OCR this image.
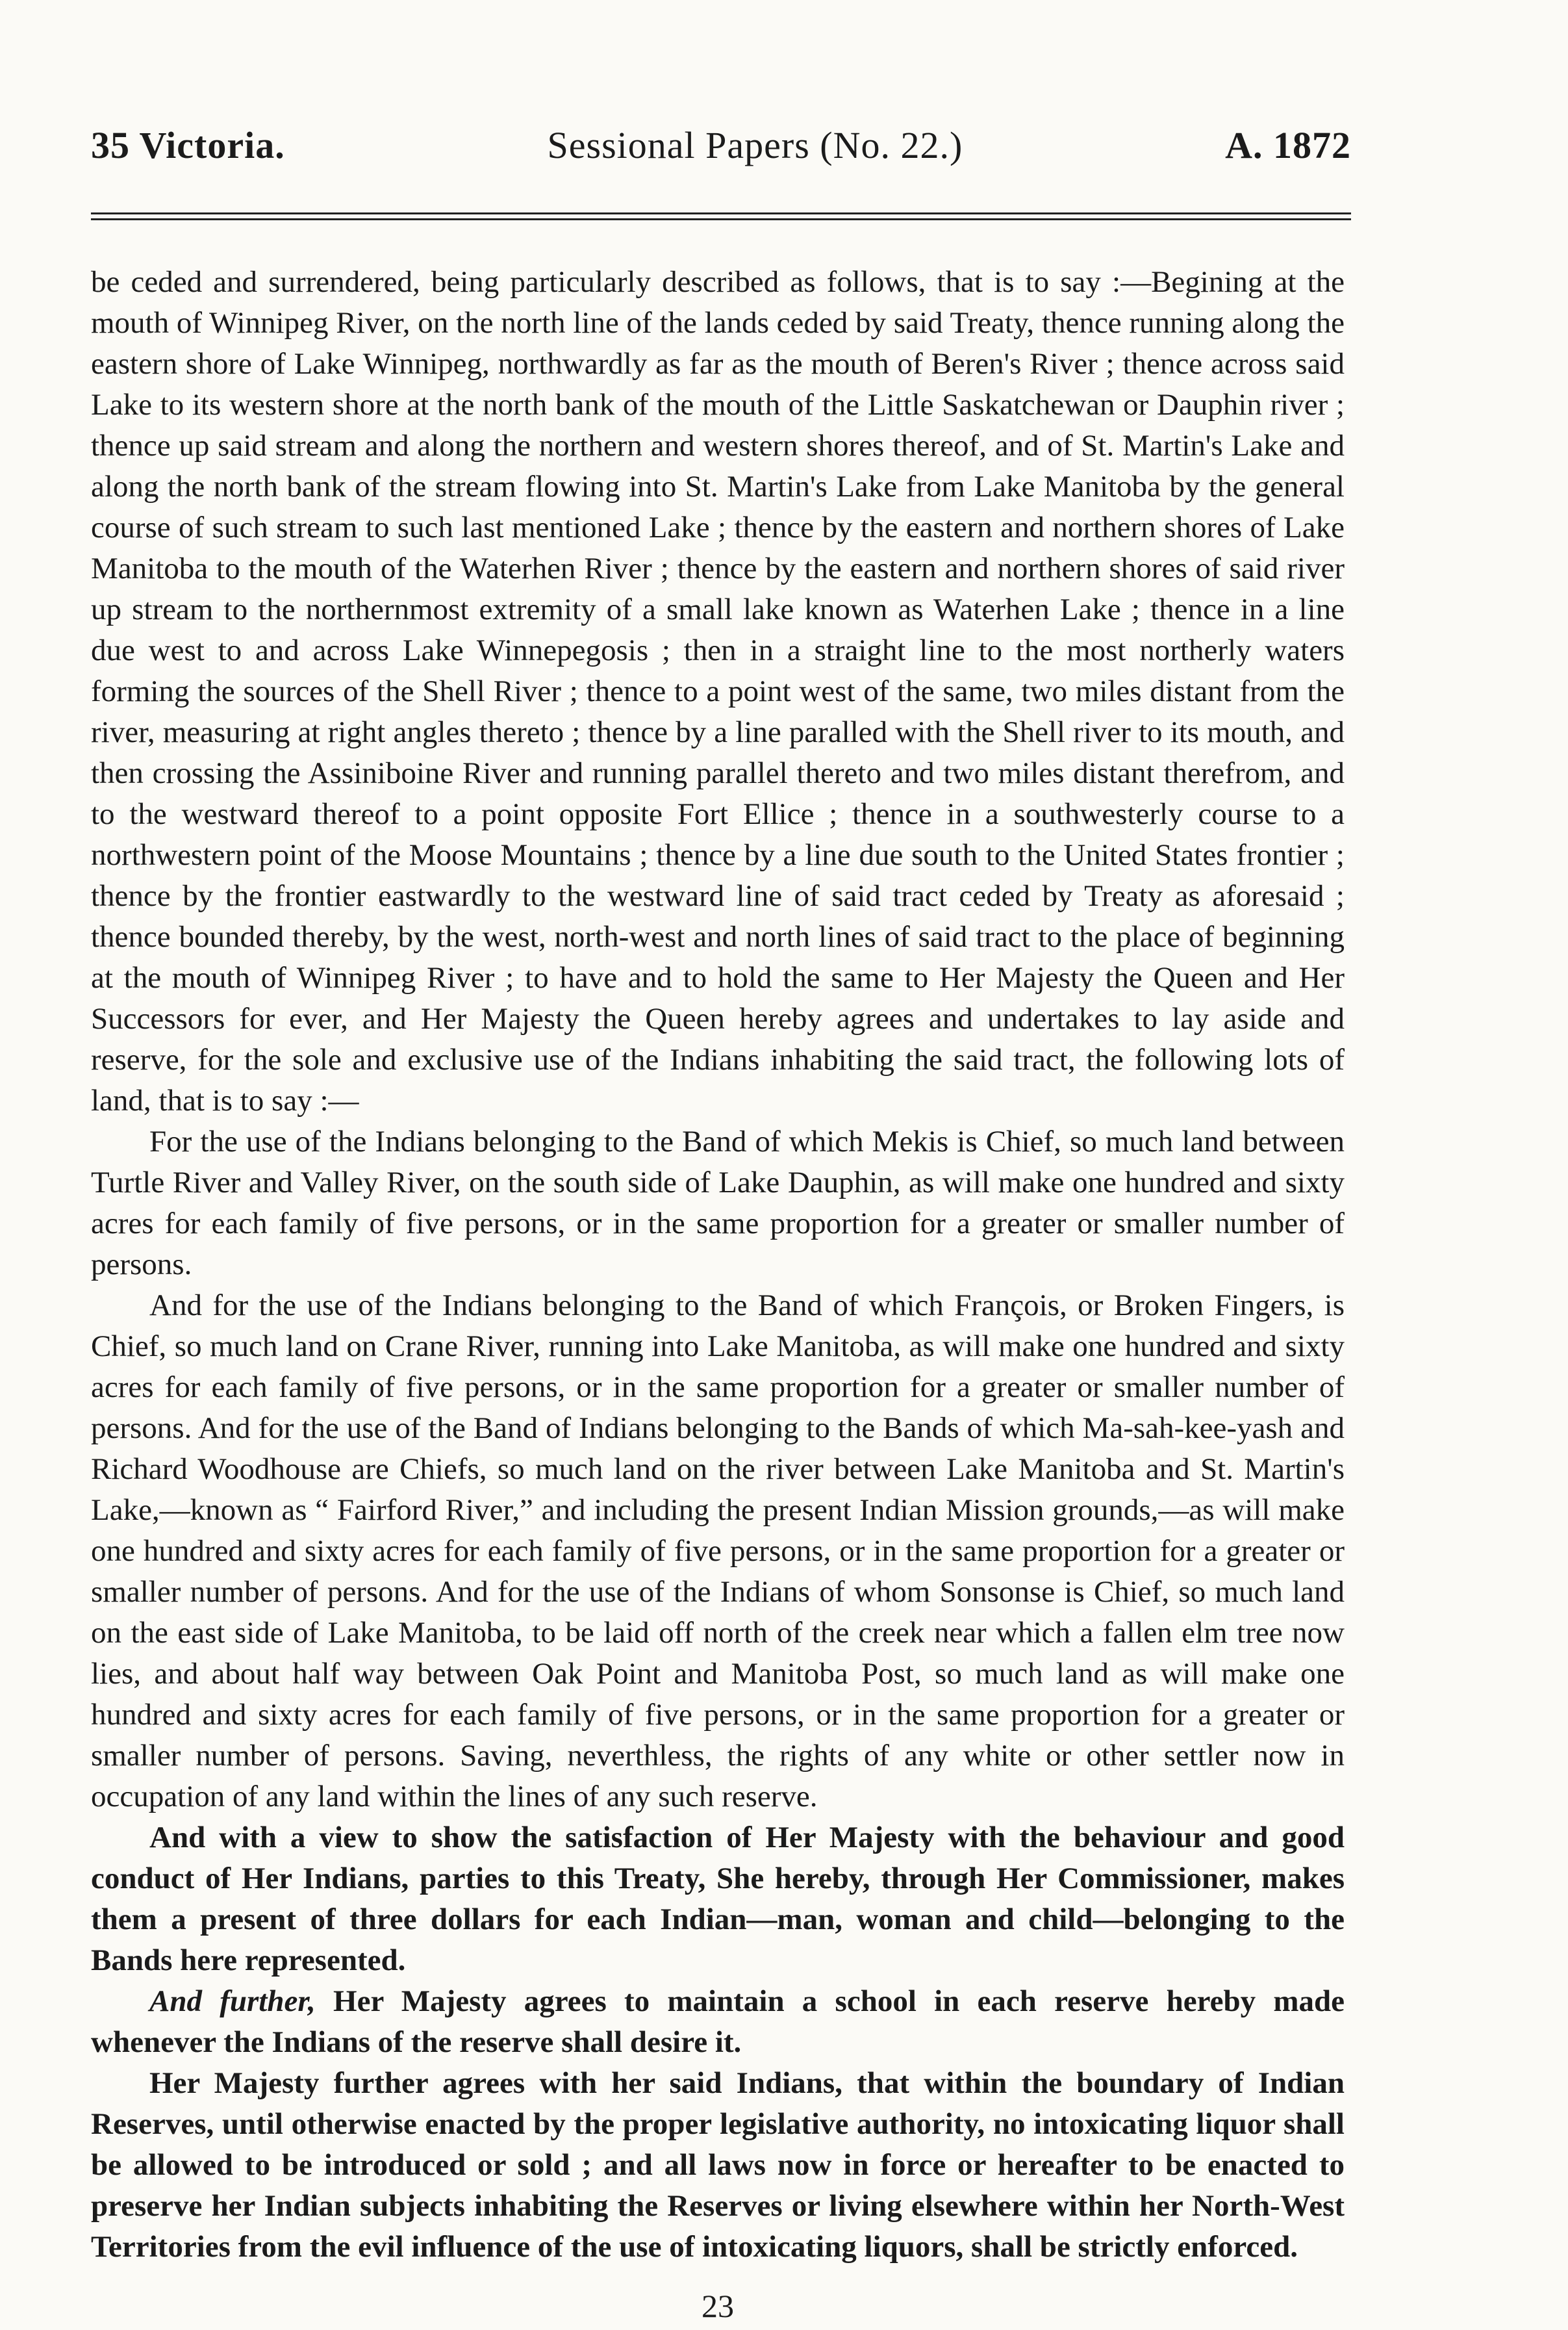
35 Victoria.	Sessional Papers (No. 22.)	A. 1872

be ceded and surrendered, being particularly described as follows, that is to say :—Begining at the mouth of Winnipeg River, on the north line of the lands ceded by said Treaty, thence running along the eastern shore of Lake Winnipeg, northwardly as far as the mouth of Beren's River ; thence across said Lake to its western shore at the north bank of the mouth of the Little Saskatchewan or Dauphin river ; thence up said stream and along the northern and western shores thereof, and of St. Martin's Lake and along the north bank of the stream flowing into St. Martin's Lake from Lake Manitoba by the general course of such stream to such last mentioned Lake ; thence by the eastern and northern shores of Lake Manitoba to the mouth of the Waterhen River ; thence by the eastern and northern shores of said river up stream to the northernmost extremity of a small lake known as Waterhen Lake ; thence in a line due west to and across Lake Winnepegosis ; then in a straight line to the most northerly waters forming the sources of the Shell River ; thence to a point west of the same, two miles distant from the river, measuring at right angles thereto ; thence by a line paralled with the Shell river to its mouth, and then crossing the Assiniboine River and running parallel thereto and two miles distant therefrom, and to the westward thereof to a point opposite Fort Ellice ; thence in a southwesterly course to a northwestern point of the Moose Mountains ; thence by a line due south to the United States frontier ; thence by the frontier eastwardly to the westward line of said tract ceded by Treaty as aforesaid ; thence bounded thereby, by the west, north-west and north lines of said tract to the place of beginning at the mouth of Winnipeg River ; to have and to hold the same to Her Majesty the Queen and Her Successors for ever, and Her Majesty the Queen hereby agrees and undertakes to lay aside and reserve, for the sole and exclusive use of the Indians inhabiting the said tract, the following lots of land, that is to say :—

For the use of the Indians belonging to the Band of which Mekis is Chief, so much land between Turtle River and Valley River, on the south side of Lake Dauphin, as will make one hundred and sixty acres for each family of five persons, or in the same proportion for a greater or smaller number of persons.

And for the use of the Indians belonging to the Band of which François, or Broken Fingers, is Chief, so much land on Crane River, running into Lake Manitoba, as will make one hundred and sixty acres for each family of five persons, or in the same proportion for a greater or smaller number of persons. And for the use of the Band of Indians belonging to the Bands of which Ma-sah-kee-yash and Richard Woodhouse are Chiefs, so much land on the river between Lake Manitoba and St. Martin's Lake,—known as “ Fairford River,” and including the present Indian Mission grounds,—as will make one hundred and sixty acres for each family of five persons, or in the same proportion for a greater or smaller number of persons. And for the use of the Indians of whom Sonsonse is Chief, so much land on the east side of Lake Manitoba, to be laid off north of the creek near which a fallen elm tree now lies, and about half way between Oak Point and Manitoba Post, so much land as will make one hundred and sixty acres for each family of five persons, or in the same proportion for a greater or smaller number of persons. Saving, neverthless, the rights of any white or other settler now in occupation of any land within the lines of any such reserve.

And with a view to show the satisfaction of Her Majesty with the behaviour and good conduct of Her Indians, parties to this Treaty, She hereby, through Her Commissioner, makes them a present of three dollars for each Indian—man, woman and child—belonging to the Bands here represented.

And further, Her Majesty agrees to maintain a school in each reserve hereby made whenever the Indians of the reserve shall desire it.

Her Majesty further agrees with her said Indians, that within the boundary of Indian Reserves, until otherwise enacted by the proper legislative authority, no intoxicating liquor shall be allowed to be introduced or sold ; and all laws now in force or hereafter to be enacted to preserve her Indian subjects inhabiting the Reserves or living elsewhere within her North-West Territories from the evil influence of the use of intoxicating liquors, shall be strictly enforced.

23
